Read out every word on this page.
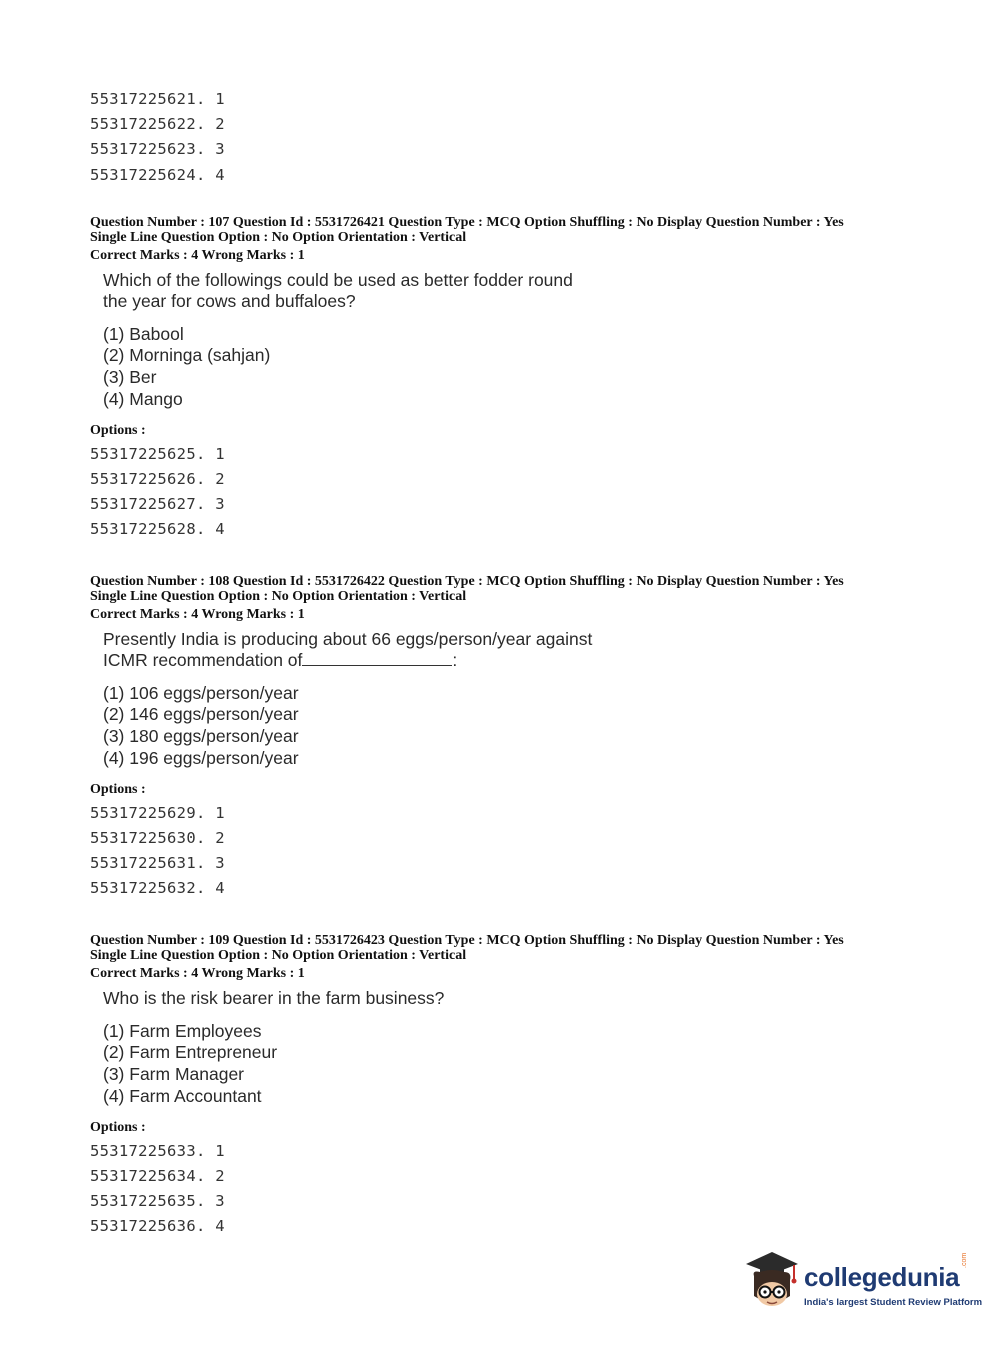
55317225621. 1
55317225622. 2
55317225623. 3
55317225624. 4
Question Number : 107 Question Id : 5531726421 Question Type : MCQ Option Shuffling : No Display Question Number : Yes
Single Line Question Option : No Option Orientation : Vertical
Correct Marks : 4 Wrong Marks : 1
Which of the followings could be used as better fodder round
the year for cows and buffaloes?
(1) Babool
(2) Morninga (sahjan)
(3) Ber
(4) Mango
Options :
55317225625. 1
55317225626. 2
55317225627. 3
55317225628. 4
Question Number : 108 Question Id : 5531726422 Question Type : MCQ Option Shuffling : No Display Question Number : Yes
Single Line Question Option : No Option Orientation : Vertical
Correct Marks : 4 Wrong Marks : 1
Presently India is producing about 66 eggs/person/year against
ICMR recommendation of	:
(1) 106 eggs/person/year
(2) 146 eggs/person/year
(3) 180 eggs/person/year
(4) 196 eggs/person/year
Options :
55317225629. 1
55317225630. 2
55317225631. 3
55317225632. 4
Question Number : 109 Question Id : 5531726423 Question Type : MCQ Option Shuffling : No Display Question Number : Yes
Single Line Question Option : No Option Orientation : Vertical
Correct Marks : 4 Wrong Marks : 1
Who is the risk bearer in the farm business?
(1) Farm Employees
(2) Farm Entrepreneur
(3) Farm Manager
(4) Farm Accountant
Options :
55317225633. 1
55317225634. 2
55317225635. 3
55317225636. 4
collegedunia
.com
India's largest Student Review Platform
